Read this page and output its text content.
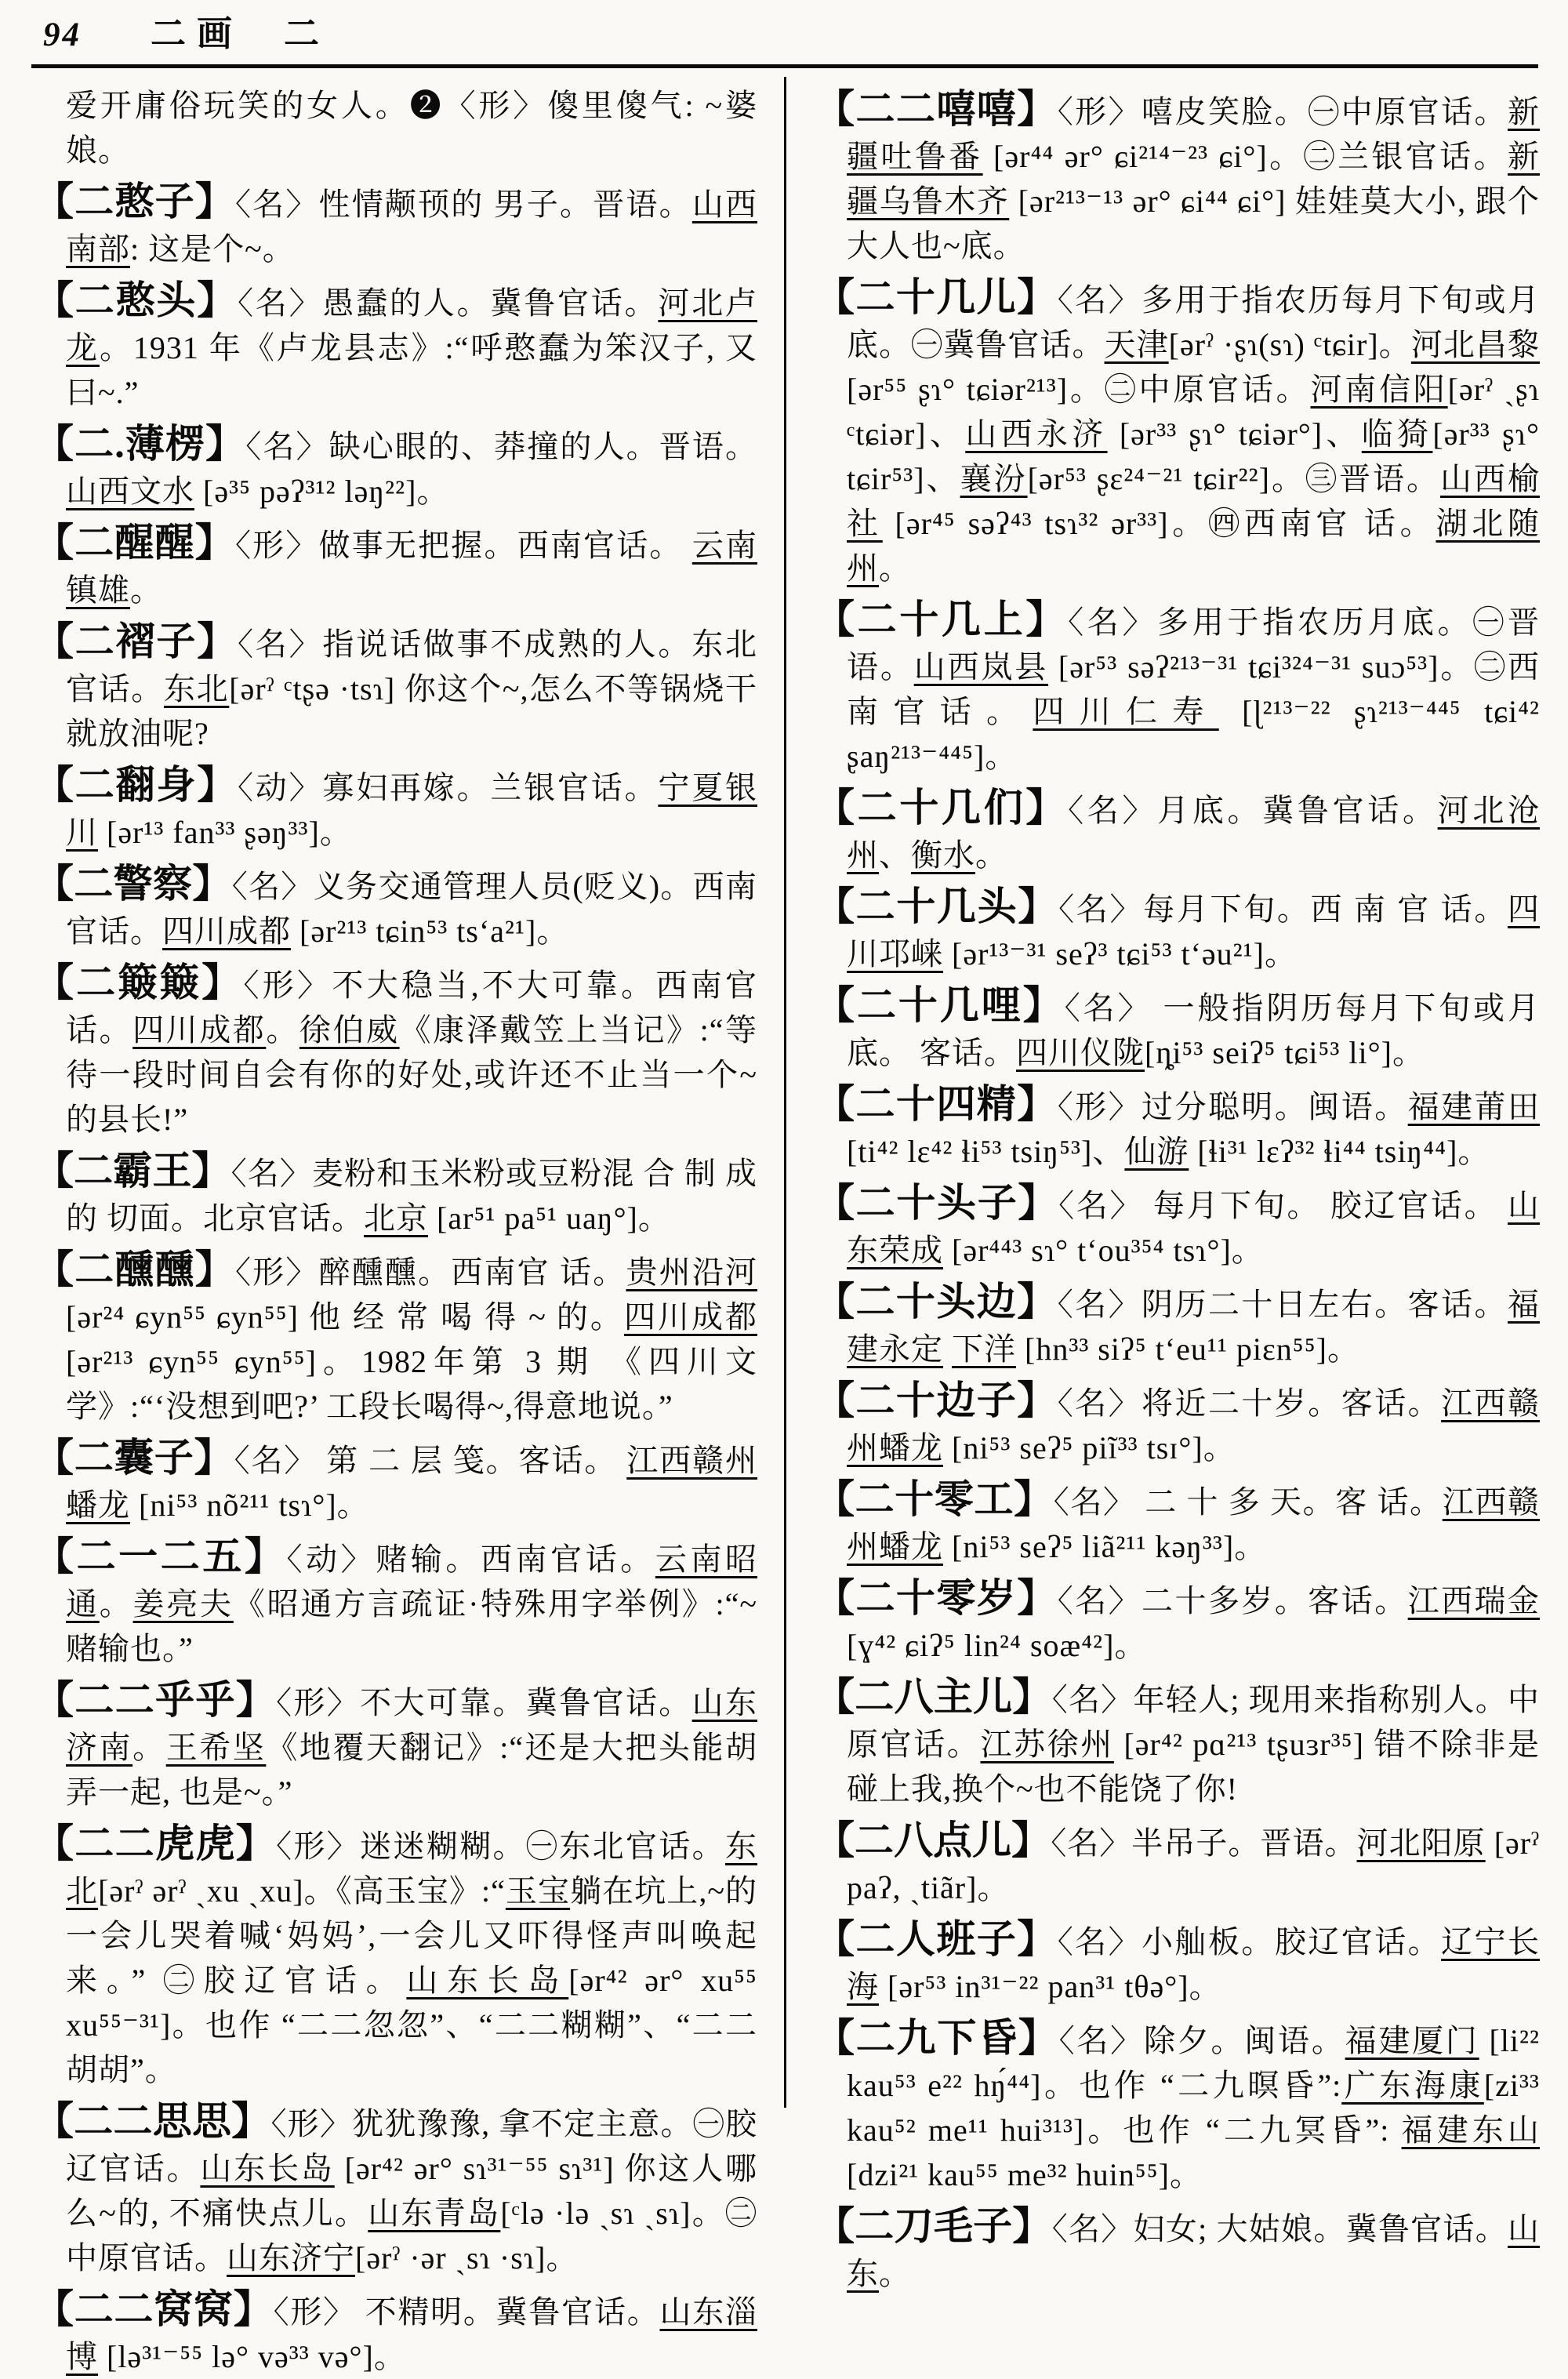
94 二画 二
爱开庸俗玩笑的女人。❷〈形〉傻里傻气: ~婆娘。
【二憨子】〈名〉性情颟顸的 男子。晋语。山西南部: 这是个~。
【二憨头】〈名〉愚蠢的人。冀鲁官话。河北卢龙。1931 年《卢龙县志》:“呼憨蠢为笨汉子, 又曰~.”
【二.薄楞】〈名〉缺心眼的、莽撞的人。晋语。山西文水 [ə³⁵ pəʔ³¹² ləŋ²²]。
【二醒醒】〈形〉做事无把握。西南官话。 云南镇雄。
【二褶子】〈名〉指说话做事不成熟的人。东北官话。东北[ərˀ ᶜtʂə ·tsɿ] 你这个~,怎么不等锅烧干就放油呢?
【二翻身】〈动〉寡妇再嫁。兰银官话。宁夏银川 [ər¹³ fan³³ ʂəŋ³³]。
【二警察】〈名〉义务交通管理人员(贬义)。西南官话。四川成都 [ər²¹³ tɕin⁵³ tsʻa²¹]。
【二簸簸】〈形〉不大稳当,不大可靠。西南官话。四川成都。徐伯威《康泽戴笠上当记》:“等待一段时间自会有你的好处,或许还不止当一个~的县长!”
【二霸王】〈名〉麦粉和玉米粉或豆粉混 合 制 成 的 切面。北京官话。北京 [ar⁵¹ pa⁵¹ uaŋ°]。
【二醺醺】〈形〉醉醺醺。西南官 话。贵州沿河 [ər²⁴ ɕyn⁵⁵ ɕyn⁵⁵] 他 经 常 喝 得 ~ 的。四川成都 [ər²¹³ ɕyn⁵⁵ ɕyn⁵⁵]。1982年第 3 期 《四川文学》:“‘没想到吧?’ 工段长喝得~,得意地说。”
【二囊子】〈名〉 第 二 层 笺。客话。 江西赣州蟠龙 [ni⁵³ nõ²¹¹ tsɿ°]。
【二一二五】〈动〉赌输。西南官话。云南昭通。姜亮夫《昭通方言疏证·特殊用字举例》:“~赌输也。”
【二二乎乎】〈形〉不大可靠。冀鲁官话。山东济南。王希坚《地覆天翻记》:“还是大把头能胡弄一起, 也是~。”
【二二虎虎】〈形〉迷迷糊糊。㊀东北官话。东北[ərˀ ərˀ ˎxu ˎxu]。《高玉宝》:“玉宝躺在坑上,~的一会儿哭着喊‘妈妈’,一会儿又吓得怪声叫唤起来。” ㊁胶辽官话。山东长岛[ər⁴² ər° xu⁵⁵ xu⁵⁵⁻³¹]。也作 “二二忽忽”、“二二糊糊”、“二二胡胡”。
【二二思思】〈形〉犹犹豫豫, 拿不定主意。㊀胶辽官话。山东长岛 [ər⁴² ər° sɿ³¹⁻⁵⁵ sɿ³¹] 你这人哪么~的, 不痛快点儿。山东青岛[ᶜlə ·lə ˎsɿ ˎsɿ]。㊁中原官话。山东济宁[ərˀ ·ər ˎsɿ ·sɿ]。
【二二窝窝】〈形〉 不精明。冀鲁官话。山东淄博 [lə³¹⁻⁵⁵ lə° və³³ və°]。
【二二嘻嘻】〈形〉嘻皮笑脸。㊀中原官话。新疆吐鲁番 [ər⁴⁴ ər° ɕi²¹⁴⁻²³ ɕi°]。㊁兰银官话。新疆乌鲁木齐 [ər²¹³⁻¹³ ər° ɕi⁴⁴ ɕi°] 娃娃莫大小, 跟个大人也~底。
【二十几儿】〈名〉多用于指农历每月下旬或月底。㊀冀鲁官话。天津[ərˀ ·ʂɿ(sɿ) ᶜtɕir]。河北昌黎 [ər⁵⁵ ʂɿ° tɕiər²¹³]。㊁中原官话。河南信阳[ərˀ ˎʂɿ ᶜtɕiər]、山西永济 [ər³³ ʂɿ° tɕiər°]、临猗[ər³³ ʂɿ° tɕir⁵³]、襄汾[ər⁵³ ʂɛ²⁴⁻²¹ tɕir²²]。㊂晋语。山西榆社 [ər⁴⁵ səʔ⁴³ tsɿ³² ər³³]。㊃西南官 话。湖北随州。
【二十几上】〈名〉多用于指农历月底。㊀晋语。山西岚县 [ər⁵³ səʔ²¹³⁻³¹ tɕi³²⁴⁻³¹ suɔ⁵³]。㊁西南官话。四川仁寿 [ɭ²¹³⁻²² ʂɿ²¹³⁻⁴⁴⁵ tɕi⁴² ʂaŋ²¹³⁻⁴⁴⁵]。
【二十几们】〈名〉月底。冀鲁官话。河北沧州、衡水。
【二十几头】〈名〉每月下旬。西 南 官 话。四川邛崃 [ər¹³⁻³¹ seʔ³ tɕi⁵³ tʻəu²¹]。
【二十几哩】〈名〉 一般指阴历每月下旬或月底。 客话。四川仪陇[ȵi⁵³ seiʔ⁵ tɕi⁵³ li°]。
【二十四精】〈形〉过分聪明。闽语。福建莆田[ti⁴² lɛ⁴² ɬi⁵³ tsiŋ⁵³]、仙游 [ɬi³¹ lɛʔ³² ɬi⁴⁴ tsiŋ⁴⁴]。
【二十头子】〈名〉 每月下旬。 胶辽官话。 山东荣成 [ər⁴⁴³ sɿ° tʻou³⁵⁴ tsɿ°]。
【二十头边】〈名〉阴历二十日左右。客话。福建永定 下洋 [hn³³ siʔ⁵ tʻeu¹¹ piɛn⁵⁵]。
【二十边子】〈名〉将近二十岁。客话。江西赣州蟠龙 [ni⁵³ seʔ⁵ piĩ³³ tsɪ°]。
【二十零工】〈名〉 二 十 多 天。客 话。江西赣州蟠龙 [ni⁵³ seʔ⁵ liã²¹¹ kəŋ³³]。
【二十零岁】〈名〉二十多岁。客话。江西瑞金 [ɣ⁴² ɕiʔ⁵ lin²⁴ soæ⁴²]。
【二八主儿】〈名〉年轻人; 现用来指称别人。中原官话。江苏徐州 [ər⁴² pɑ²¹³ tʂuɜr³⁵] 错不除非是碰上我,换个~也不能饶了你!
【二八点儿】〈名〉半吊子。晋语。河北阳原 [ərˀ paʔ, ˎtiãr]。
【二人班子】〈名〉小舢板。胶辽官话。辽宁长海 [ər⁵³ in³¹⁻²² pan³¹ tθə°]。
【二九下昏】〈名〉除夕。闽语。福建厦门 [li²² kau⁵³ e²² hŋ́⁴⁴]。也作 “二九暝昏”:广东海康[zi³³ kau⁵² me¹¹ hui³¹³]。也作 “二九冥昏”: 福建东山 [dzi²¹ kau⁵⁵ me³² huin⁵⁵]。
【二刀毛子】〈名〉妇女; 大姑娘。冀鲁官话。山东。
